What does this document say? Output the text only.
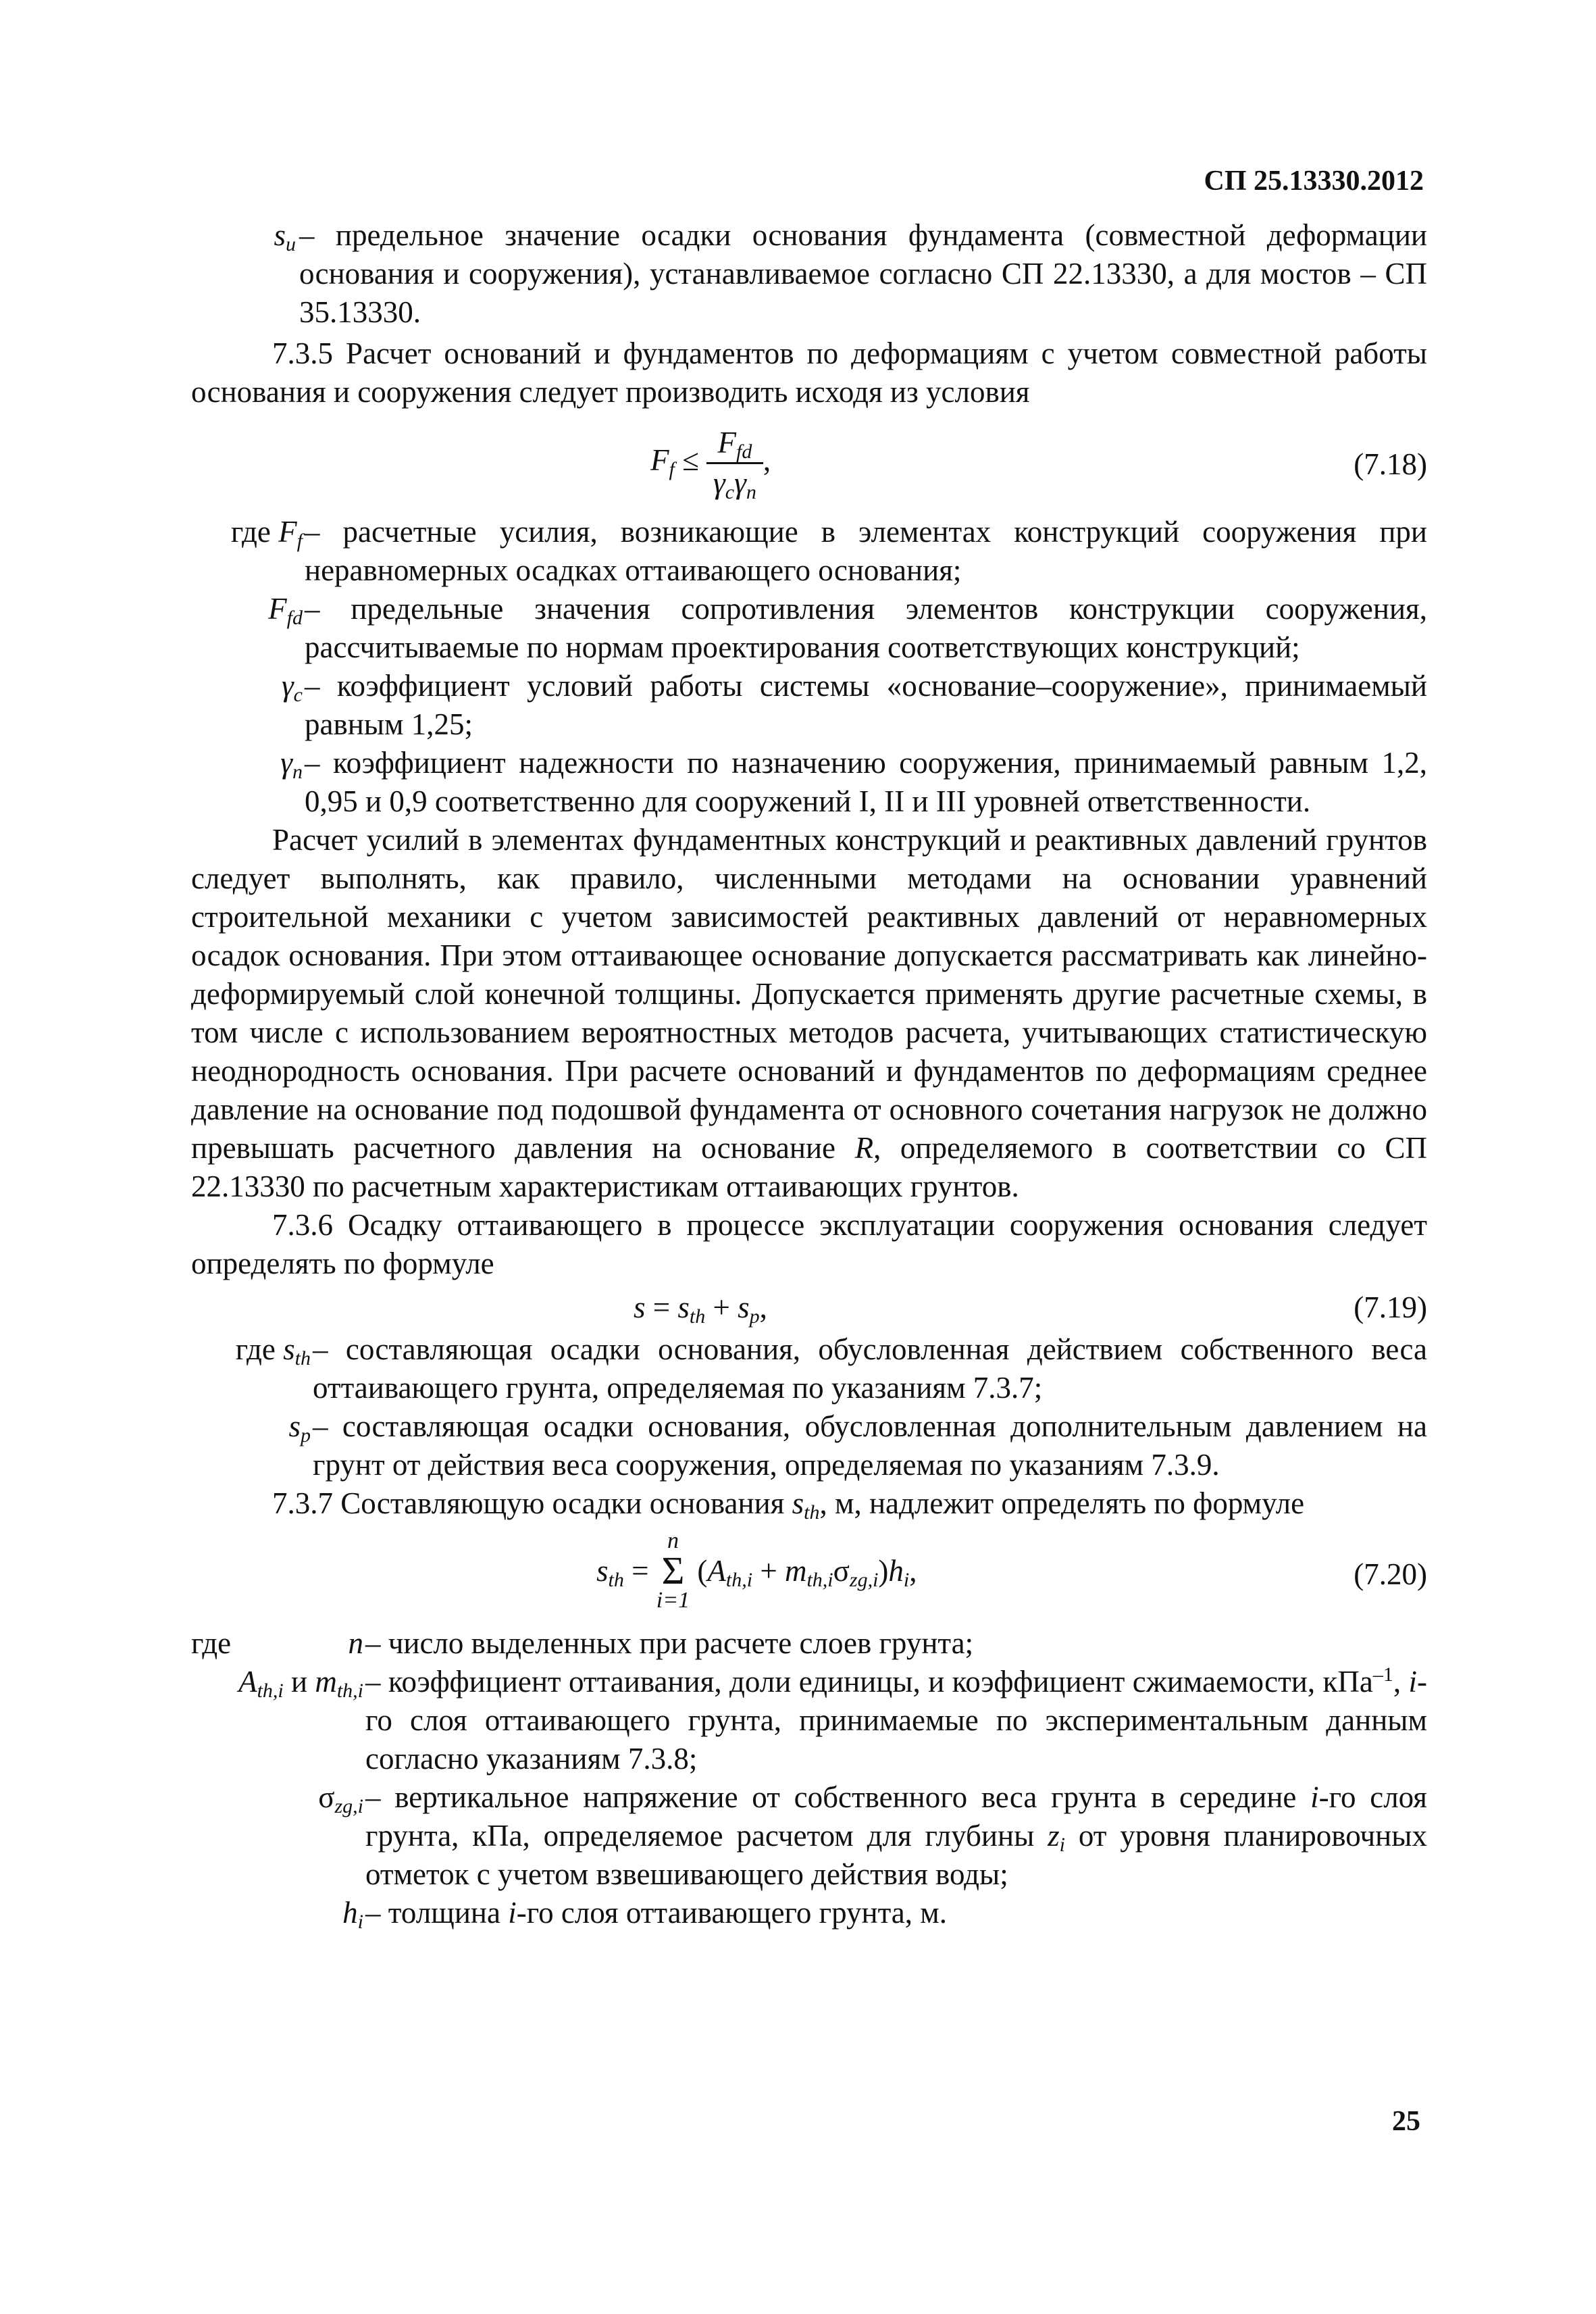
СП 25.13330.2012

$s_u$ – предельное значение осадки основания фундамента (совместной деформации основания и сооружения), устанавливаемое согласно СП 22.13330, а для мостов – СП 35.13330.

7.3.5 Расчет оснований и фундаментов по деформациям с учетом совместной работы основания и сооружения следует производить исходя из условия

$F_f \le \frac{F_{fd}}{\gamma_c\gamma_n}$ ,	(7.18)

где $F_f$ – расчетные усилия, возникающие в элементах конструкций сооружения при неравномерных осадках оттаивающего основания;

$F_{fd}$ – предельные значения сопротивления элементов конструкции сооружения, рассчитываемые по нормам проектирования соответствующих конструкций;

$\gamma_c$ – коэффициент условий работы системы «основание–сооружение», принимаемый равным 1,25;

$\gamma_n$ – коэффициент надежности по назначению сооружения, принимаемый равным 1,2, 0,95 и 0,9 соответственно для сооружений I, II и III уровней ответственности.

Расчет усилий в элементах фундаментных конструкций и реактивных давлений грунтов следует выполнять, как правило, численными методами на основании уравнений строительной механики с учетом зависимостей реактивных давлений от неравномерных осадок основания. При этом оттаивающее основание допускается рассматривать как линейно-деформируемый слой конечной толщины. Допускается применять другие расчетные схемы, в том числе с использованием вероятностных методов расчета, учитывающих статистическую неоднородность основания. При расчете оснований и фундаментов по деформациям среднее давление на основание под подошвой фундамента от основного сочетания нагрузок не должно превышать расчетного давления на основание R, определяемого в соответствии со СП 22.13330 по расчетным характеристикам оттаивающих грунтов.

7.3.6 Осадку оттаивающего в процессе эксплуатации сооружения основания следует определять по формуле

$s = s_{th} + s_p$,	(7.19)

где $s_{th}$ – составляющая осадки основания, обусловленная действием собственного веса оттаивающего грунта, определяемая по указаниям 7.3.7;

$s_p$ – составляющая осадки основания, обусловленная дополнительным давлением на грунт от действия веса сооружения, определяемая по указаниям 7.3.9.

7.3.7 Составляющую осадки основания $s_{th}$, м, надлежит определять по формуле

$s_{th} = n$
Σ
i=1 $(A_{th,i} + m_{th,i}\sigma_{zg,i})h_i$,	(7.20)

где	n – число выделенных при расчете слоев грунта;

$A_{th,i}$ и $m_{th,i}$ – коэффициент оттаивания, доли единицы, и коэффициент сжимаемости, кПа$^{-1}$, i-го слоя оттаивающего грунта, принимаемые по экспериментальным данным согласно указаниям 7.3.8;

$\sigma_{zg,i}$ – вертикальное напряжение от собственного веса грунта в середине i-го слоя грунта, кПа, определяемое расчетом для глубины $z_i$ от уровня планировочных отметок с учетом взвешивающего действия воды;

$h_i$ – толщина i-го слоя оттаивающего грунта, м.

25
